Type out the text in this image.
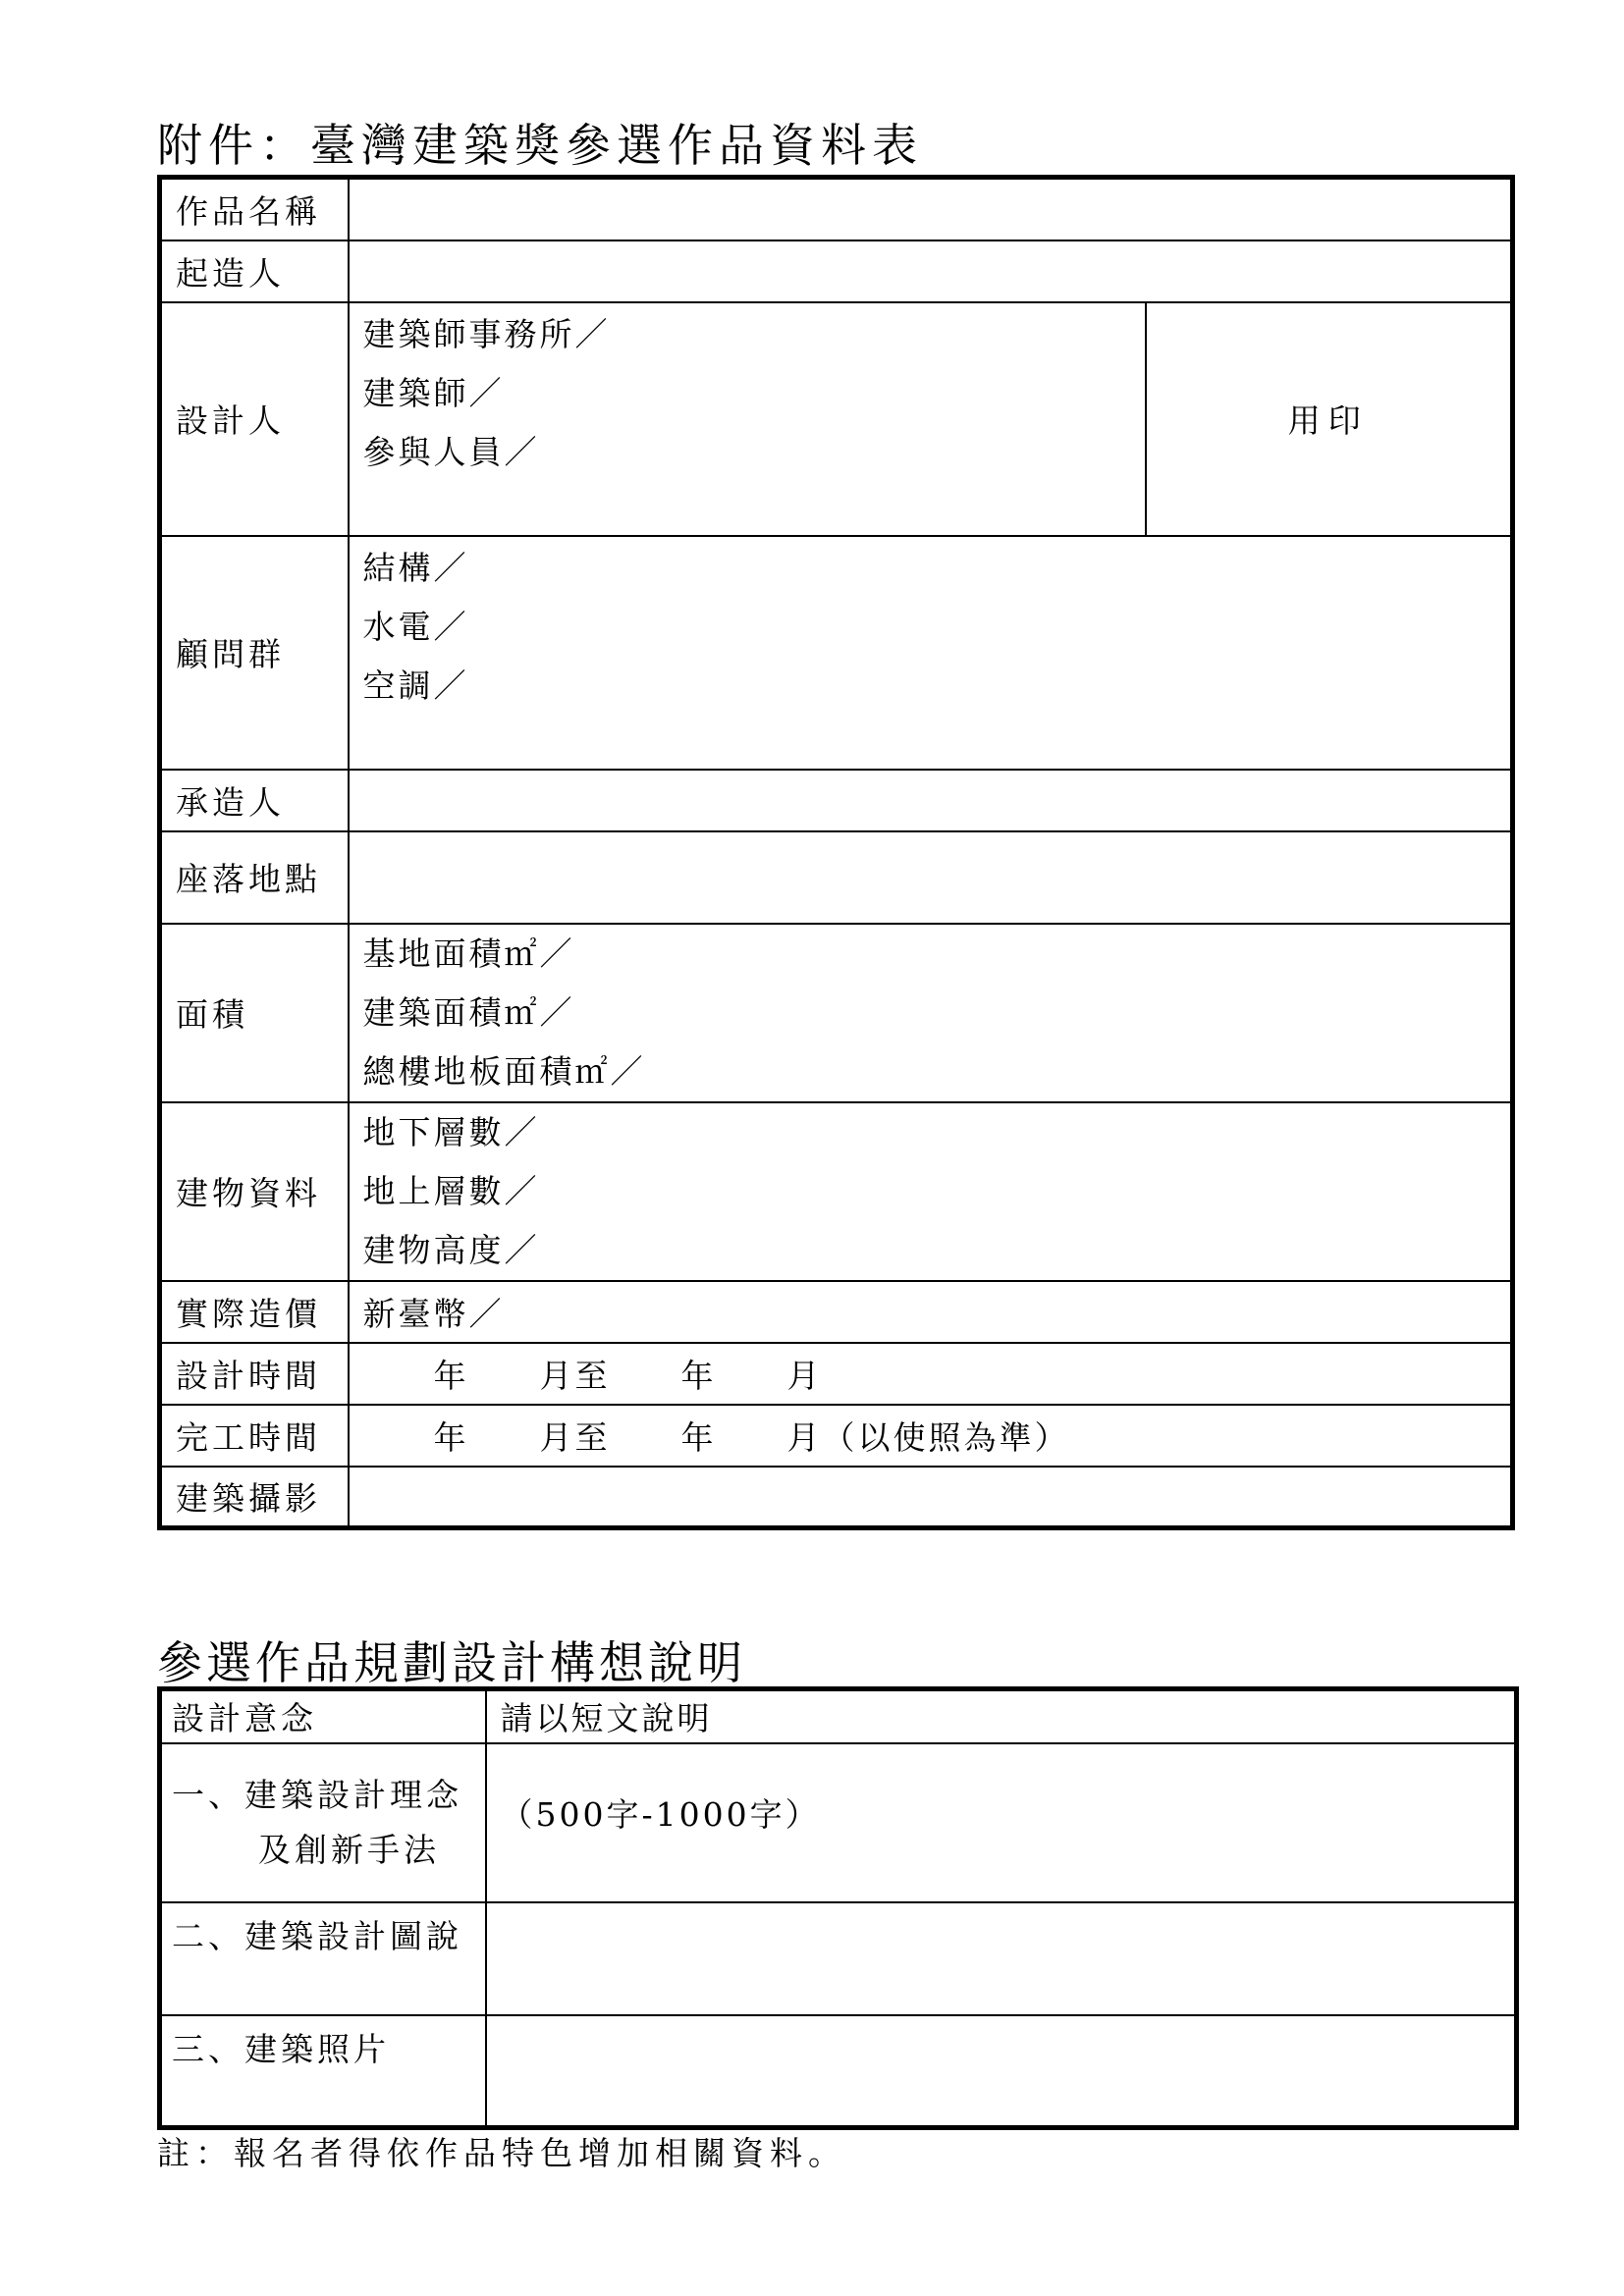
附件：臺灣建築獎參選作品資料表
作品名稱		
起造人		
設計人	建築師事務所／
建築師／
參與人員／	用印
顧問群	結構／
水電／
空調／	

承造人		
座落地點		
面積	基地面積㎡／
建築面積㎡／
總樓地板面積㎡／	

建物資料	地下層數／
地上層數／
建物高度／	

實際造價	新臺幣／	
設計時間	　　年　　月至　　年　　月	
完工時間	　　年　　月至　　年　　月（以使照為準）	
建築攝影		
參選作品規劃設計構想說明
設計意念	請以短文說明

一、建築設計理念
及創新手法	（500字-1000字）
二、建築設計圖說	
三、建築照片	
註：報名者得依作品特色增加相關資料。
